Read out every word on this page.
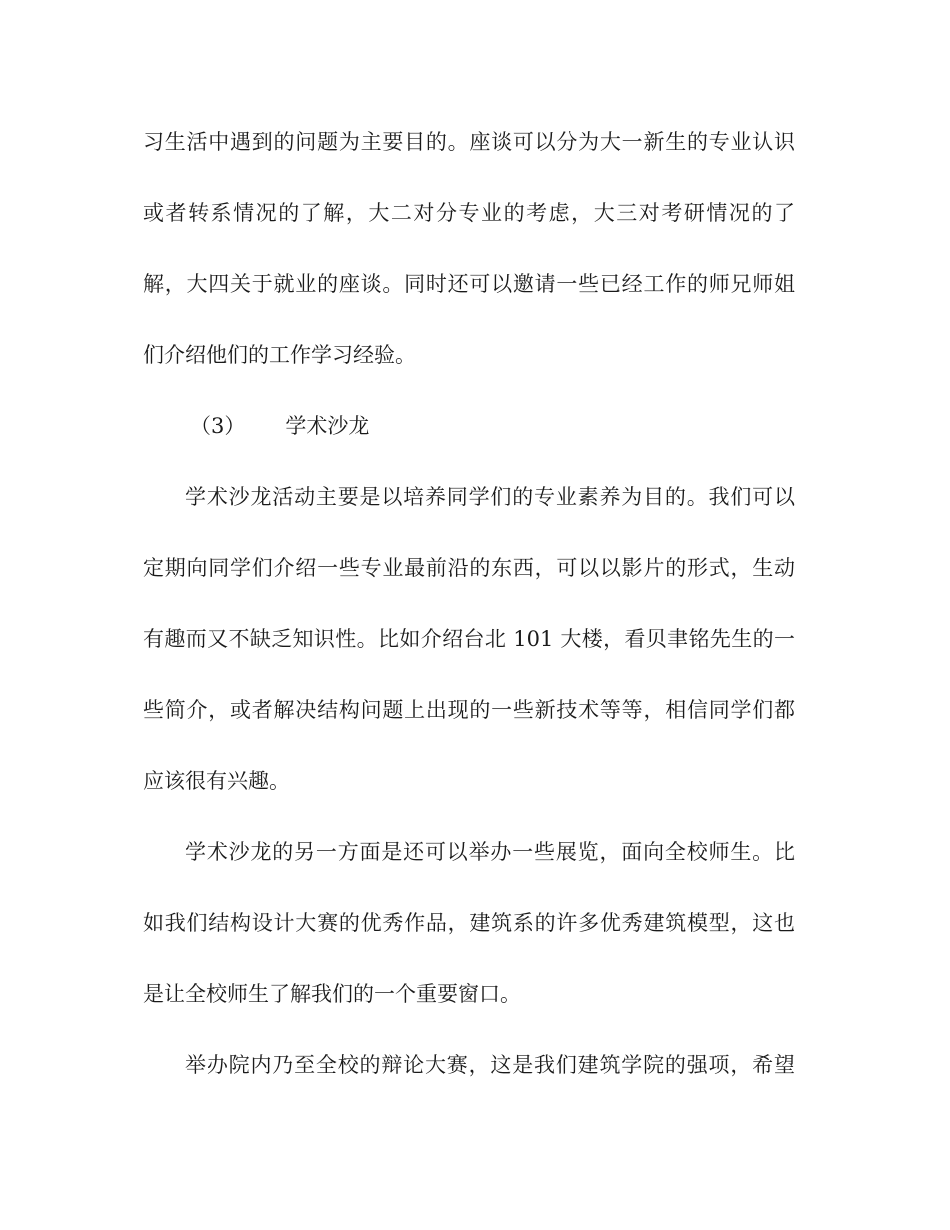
习生活中遇到的问题为主要目的。座谈可以分为大一新生的专业认识

或者转系情况的了解，大二对分专业的考虑，大三对考研情况的了

解，大四关于就业的座谈。同时还可以邀请一些已经工作的师兄师姐

们介绍他们的工作学习经验。

（3） 学术沙龙

学术沙龙活动主要是以培养同学们的专业素养为目的。我们可以

定期向同学们介绍一些专业最前沿的东西，可以以影片的形式，生动

有趣而又不缺乏知识性。比如介绍台北 101 大楼，看贝聿铭先生的一

些简介，或者解决结构问题上出现的一些新技术等等，相信同学们都

应该很有兴趣。

学术沙龙的另一方面是还可以举办一些展览，面向全校师生。比

如我们结构设计大赛的优秀作品，建筑系的许多优秀建筑模型，这也

是让全校师生了解我们的一个重要窗口。

举办院内乃至全校的辩论大赛，这是我们建筑学院的强项，希望
